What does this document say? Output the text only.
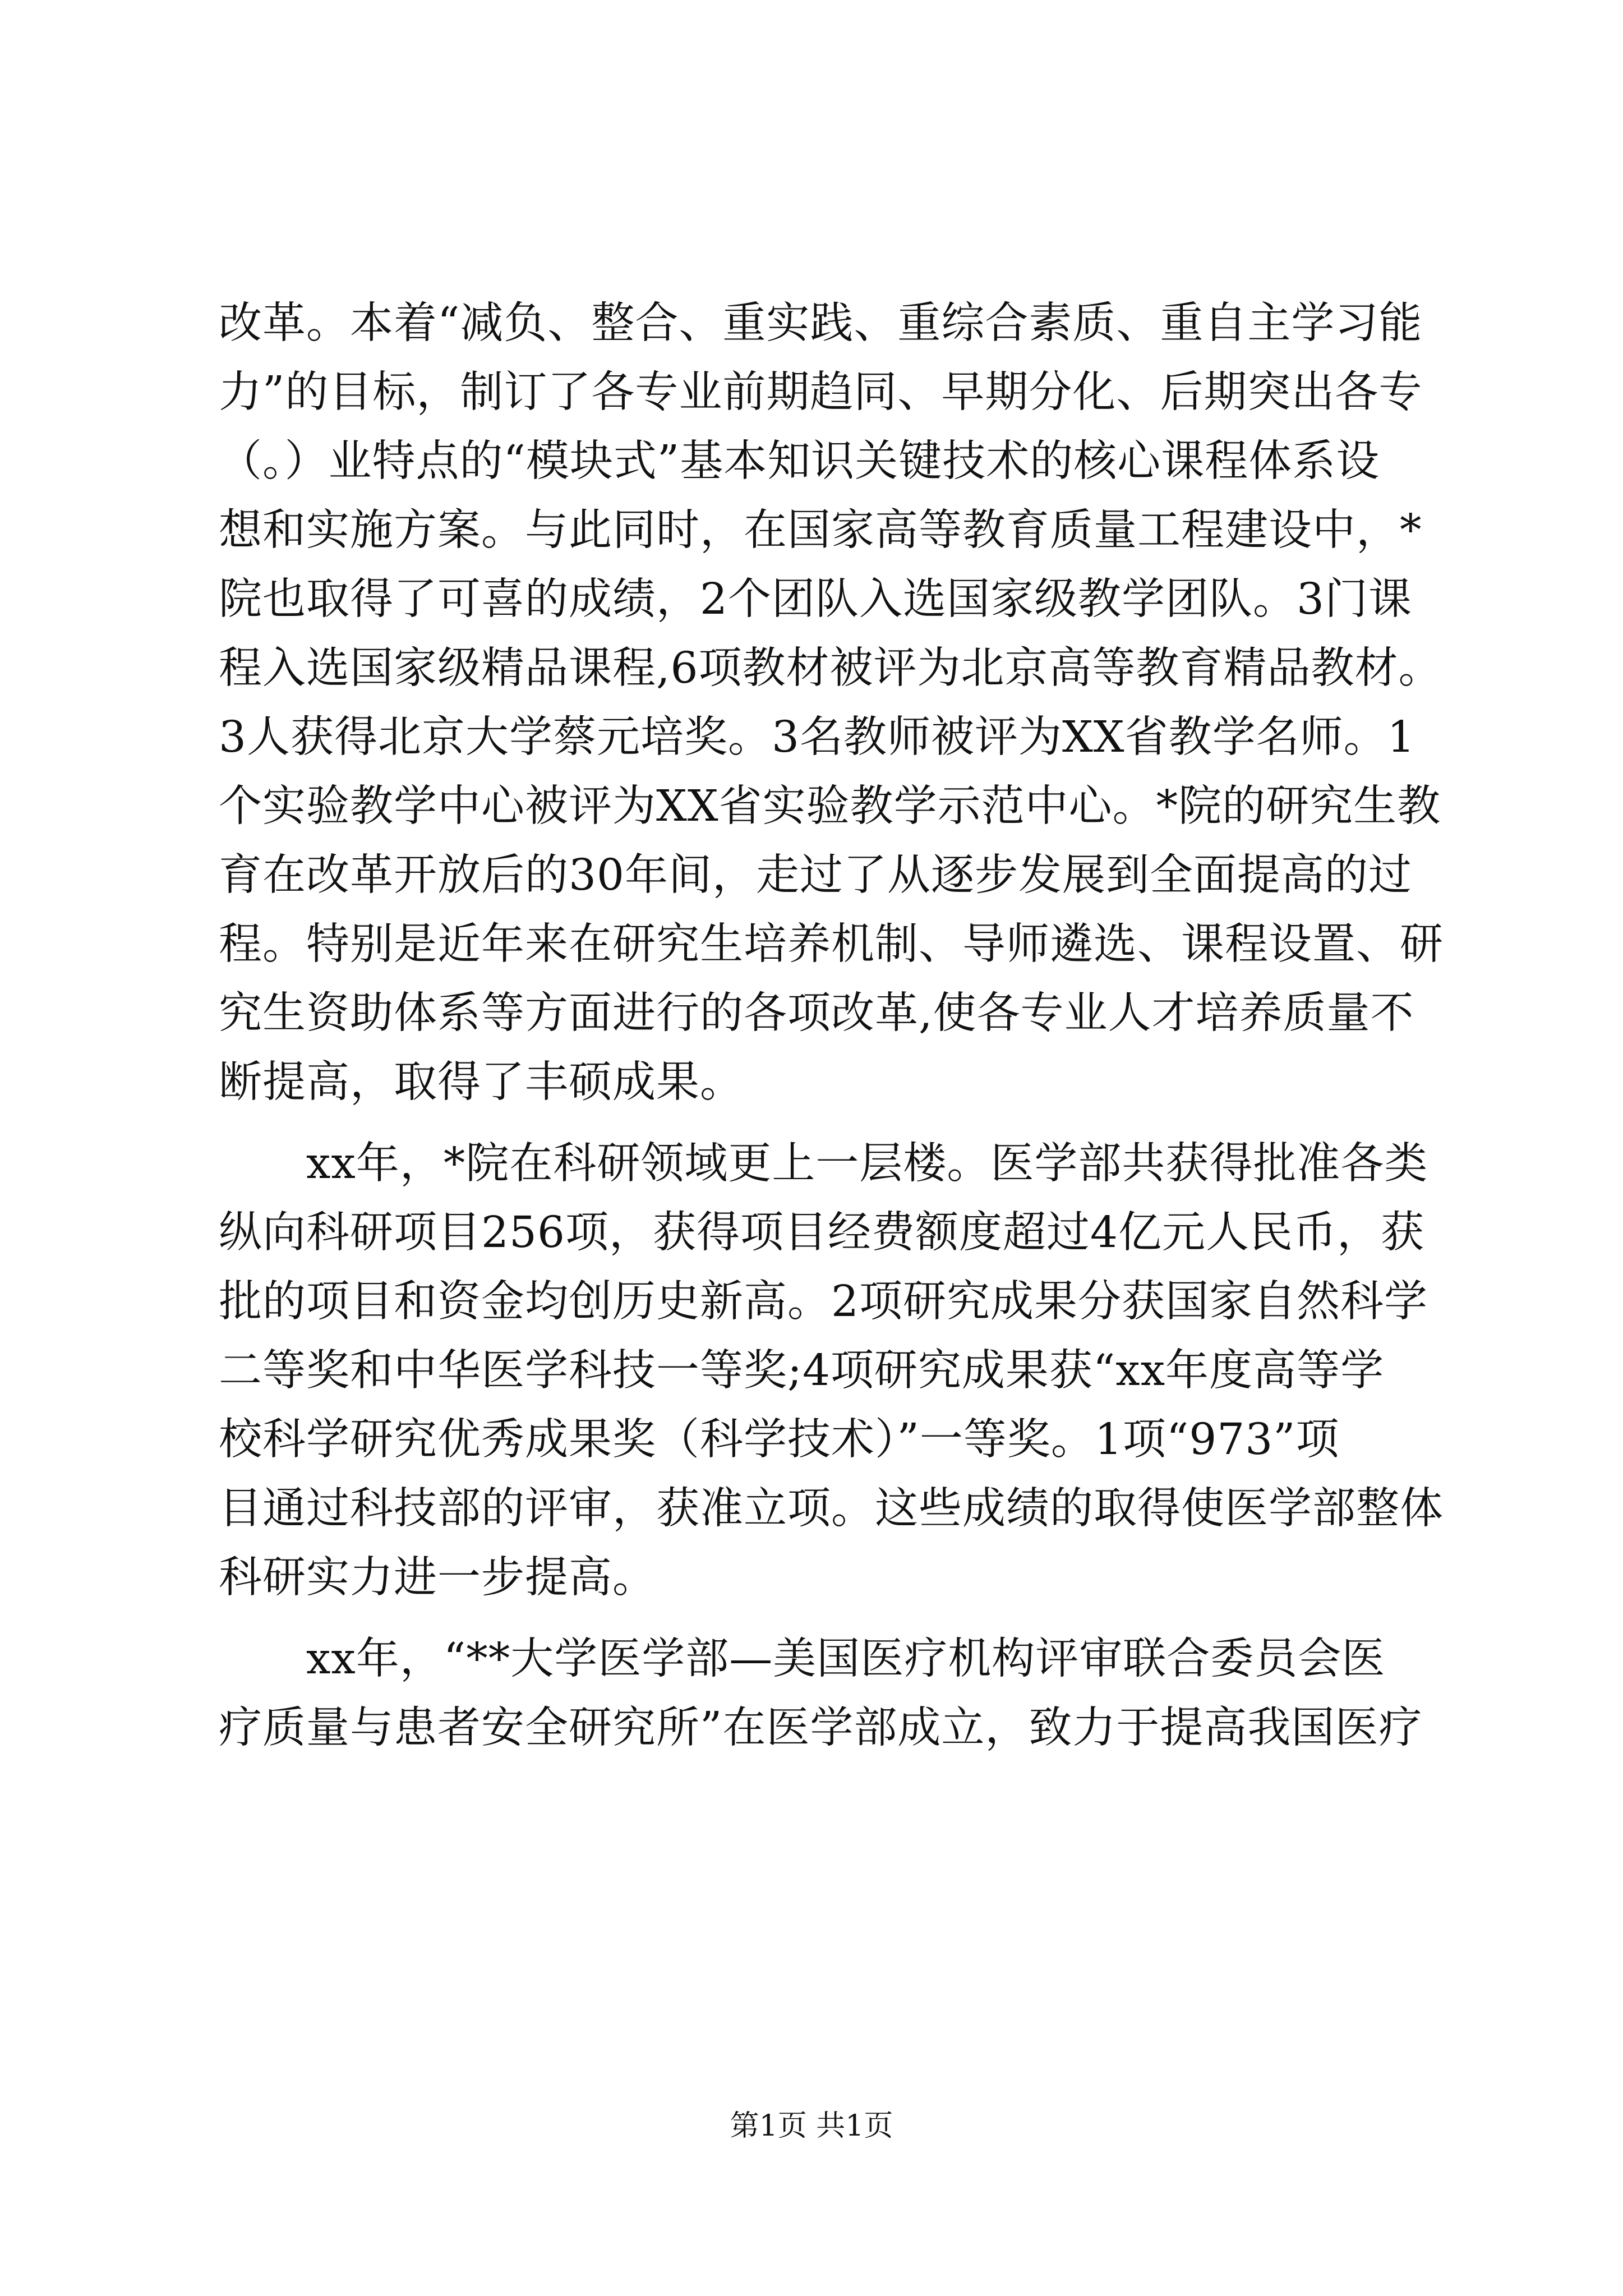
改革。本着“减负、整合、重实践、重综合素质、重自主学习能
力”的目标，制订了各专业前期趋同、早期分化、后期突出各专
（。）业特点的“模块式”基本知识关键技术的核心课程体系设
想和实施方案。与此同时，在国家高等教育质量工程建设中，*
院也取得了可喜的成绩，2个团队入选国家级教学团队。3门课
程入选国家级精品课程,6项教材被评为北京高等教育精品教材。
3人获得北京大学蔡元培奖。3名教师被评为XX省教学名师。1
个实验教学中心被评为XX省实验教学示范中心。*院的研究生教
育在改革开放后的30年间，走过了从逐步发展到全面提高的过
程。特别是近年来在研究生培养机制、导师遴选、课程设置、研
究生资助体系等方面进行的各项改革,使各专业人才培养质量不
断提高，取得了丰硕成果。
　　xx年，*院在科研领域更上一层楼。医学部共获得批准各类
纵向科研项目256项，获得项目经费额度超过4亿元人民币，获
批的项目和资金均创历史新高。2项研究成果分获国家自然科学
二等奖和中华医学科技一等奖;4项研究成果获“xx年度高等学
校科学研究优秀成果奖（科学技术）”一等奖。1项“973”项
目通过科技部的评审，获准立项。这些成绩的取得使医学部整体
科研实力进一步提高。
　　xx年，“**大学医学部—美国医疗机构评审联合委员会医
疗质量与患者安全研究所”在医学部成立，致力于提高我国医疗
第1页 共1页
